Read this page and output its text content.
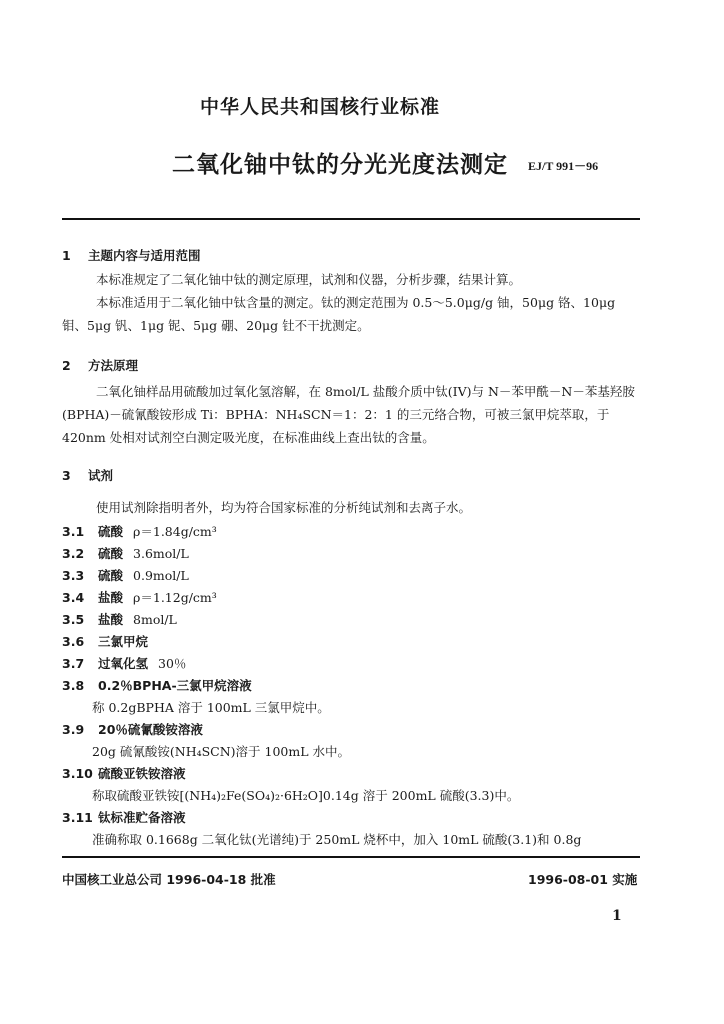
中华人民共和国核行业标准
二氧化铀中钛的分光光度法测定 EJ/T 991－96
1 主题内容与适用范围
本标准规定了二氧化铀中钛的测定原理，试剂和仪器，分析步骤，结果计算。
本标准适用于二氧化铀中钛含量的测定。钛的测定范围为 0.5～5.0μg/g 铀，50μg 铬、10μg 钼、5μg 钒、1μg 铌、5μg 硼、20μg 钍不干扰测定。
2 方法原理
二氧化铀样品用硫酸加过氧化氢溶解，在 8mol/L 盐酸介质中钛(IV)与 N－苯甲酰－N－苯基羟胺(BPHA)－硫氰酸铵形成 Ti：BPHA：NH₄SCN＝1：2：1 的三元络合物，可被三氯甲烷萃取，于 420nm 处相对试剂空白测定吸光度，在标准曲线上查出钛的含量。
3 试剂
使用试剂除指明者外，均为符合国家标准的分析纯试剂和去离子水。
3.1 硫酸 ρ＝1.84g/cm³
3.2 硫酸 3.6mol/L
3.3 硫酸 0.9mol/L
3.4 盐酸 ρ＝1.12g/cm³
3.5 盐酸 8mol/L
3.6 三氯甲烷
3.7 过氧化氢 30％
3.8 0.2％BPHA-三氯甲烷溶液
称 0.2gBPHA 溶于 100mL 三氯甲烷中。
3.9 20％硫氰酸铵溶液
20g 硫氰酸铵(NH₄SCN)溶于 100mL 水中。
3.10 硫酸亚铁铵溶液
称取硫酸亚铁铵[(NH₄)₂Fe(SO₄)₂·6H₂O]0.14g 溶于 200mL 硫酸(3.3)中。
3.11 钛标准贮备溶液
准确称取 0.1668g 二氧化钛(光谱纯)于 250mL 烧杯中，加入 10mL 硫酸(3.1)和 0.8g
中国核工业总公司 1996-04-18 批准	1996-08-01 实施
1
